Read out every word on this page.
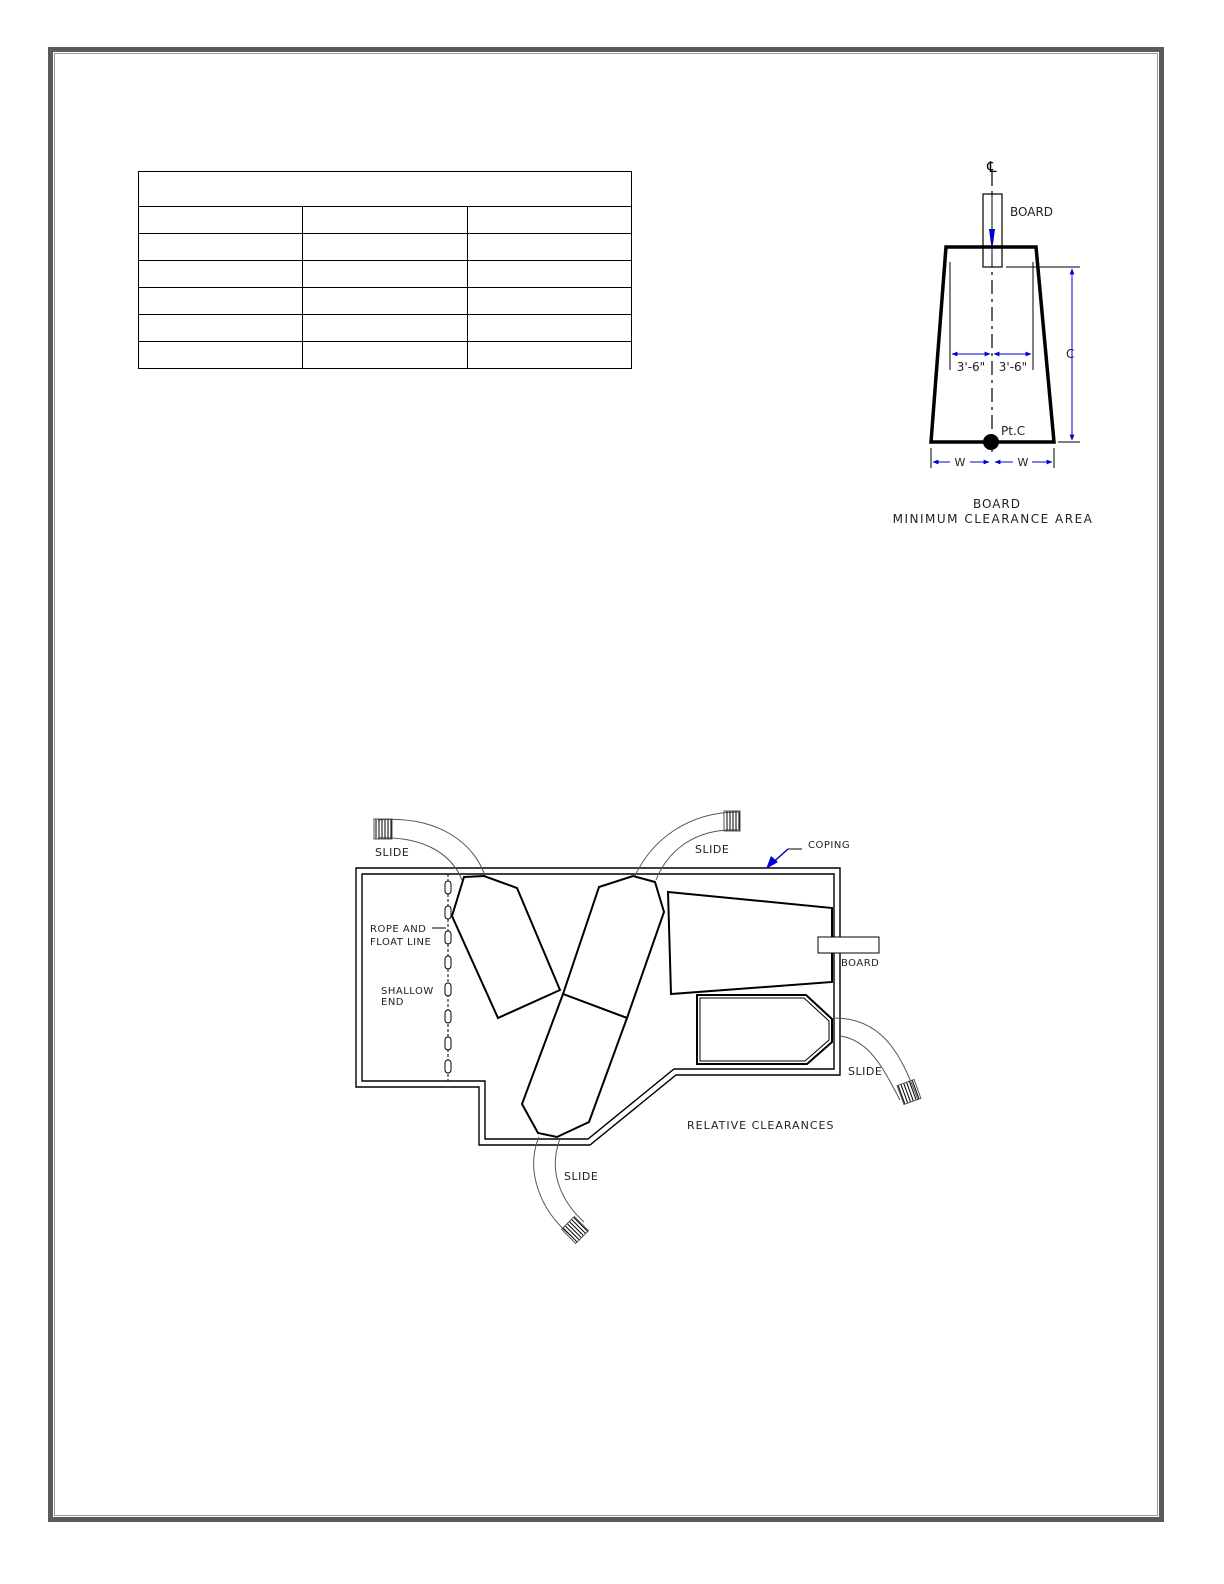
℄
BOARD
3'-6" 3'-6"
C
Pt.C
W	W
BOARD
MINIMUM CLEARANCE AREA
SLIDE	SLIDE	COPING
ROPE AND
FLOAT LINE
SHALLOW
END
BOARD
SLIDE
SLIDE
RELATIVE CLEARANCES
